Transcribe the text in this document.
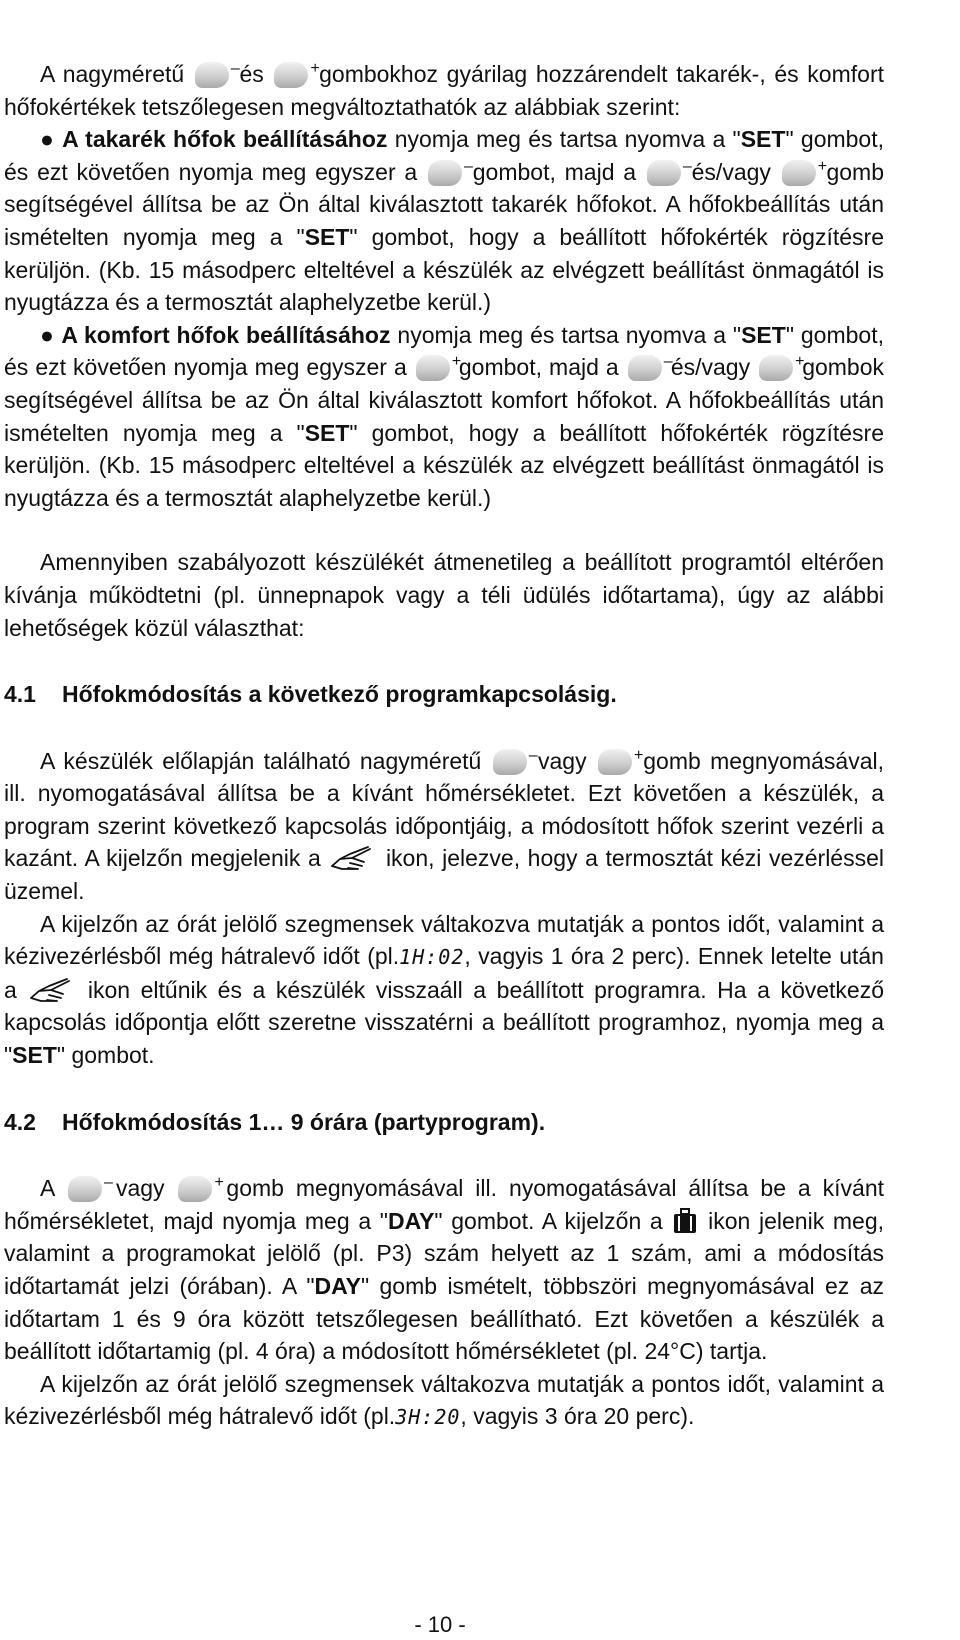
A nagyméretű	– és	+ gombokhoz gyárilag hozzárendelt takarék-, és komfort hőfokértékek tetszőlegesen megváltoztathatók az alábbiak szerint:

● A takarék hőfok beállításához nyomja meg és tartsa nyomva a "SET" gombot, és ezt követően nyomja meg egyszer a	– gombot, majd a	– és/vagy	+ gomb segítségével állítsa be az Ön által kiválasztott takarék hőfokot. A hőfokbeállítás után ismételten nyomja meg a "SET" gombot, hogy a beállított hőfokérték rögzítésre kerüljön. (Kb. 15 másodperc elteltével a készülék az elvégzett beállítást önmagától is nyugtázza és a termosztát alaphelyzetbe kerül.)

● A komfort hőfok beállításához nyomja meg és tartsa nyomva a "SET" gombot, és ezt követően nyomja meg egyszer a	+
gombot, majd a	–
és/vagy	+
gombok segítségével állítsa be az Ön által kiválasztott komfort hőfokot. A hőfokbeállítás után ismételten nyomja meg a "SET" gombot, hogy a beállított hőfokérték rögzítésre kerüljön. (Kb. 15 másodperc elteltével a készülék az elvégzett beállítást önmagától is nyugtázza és a termosztát alaphelyzetbe kerül.)

Amennyiben szabályozott készülékét átmenetileg a beállított programtól eltérően kívánja működtetni (pl. ünnepnapok vagy a téli üdülés időtartama), úgy az alábbi lehetőségek közül választhat:

4.1 Hőfokmódosítás a következő programkapcsolásig.

A készülék előlapján található nagyméretű	– vagy	+ gomb megnyomásával, ill. nyomogatásával állítsa be a kívánt hőmérsékletet. Ezt követően a készülék, a program szerint következő kapcsolás időpontjáig, a módosított hőfok szerint vezérli a kazánt. A kijelzőn megjelenik a	ikon, jelezve, hogy a termosztát kézi vezérléssel üzemel.

A kijelzőn az órát jelölő szegmensek váltakozva mutatják a pontos időt, valamint a kézivezérlésből még hátralevő időt (pl.1H:02, vagyis 1 óra 2 perc). Ennek letelte után a	ikon eltűnik és a készülék visszaáll a beállított programra. Ha a következő kapcsolás időpontja előtt szeretne visszatérni a beállított programhoz, nyomja meg a "SET" gombot.

4.2 Hőfokmódosítás 1… 9 órára (partyprogram).

A	– vagy	+ gomb megnyomásával ill. nyomogatásával állítsa be a kívánt hőmérsékletet, majd nyomja meg a "DAY" gombot. A kijelzőn a ikon jelenik meg, valamint a programokat jelölő (pl. P3) szám helyett az 1 szám, ami a módosítás időtartamát jelzi (órában). A "DAY" gomb ismételt, többszöri megnyomásával ez az időtartam 1 és 9 óra között tetszőlegesen beállítható. Ezt követően a készülék a beállított időtartamig (pl. 4 óra) a módosított hőmérsékletet (pl. 24°C) tartja.

A kijelzőn az órát jelölő szegmensek váltakozva mutatják a pontos időt, valamint a kézivezérlésből még hátralevő időt (pl.3H:20, vagyis 3 óra 20 perc).

- 10 -
